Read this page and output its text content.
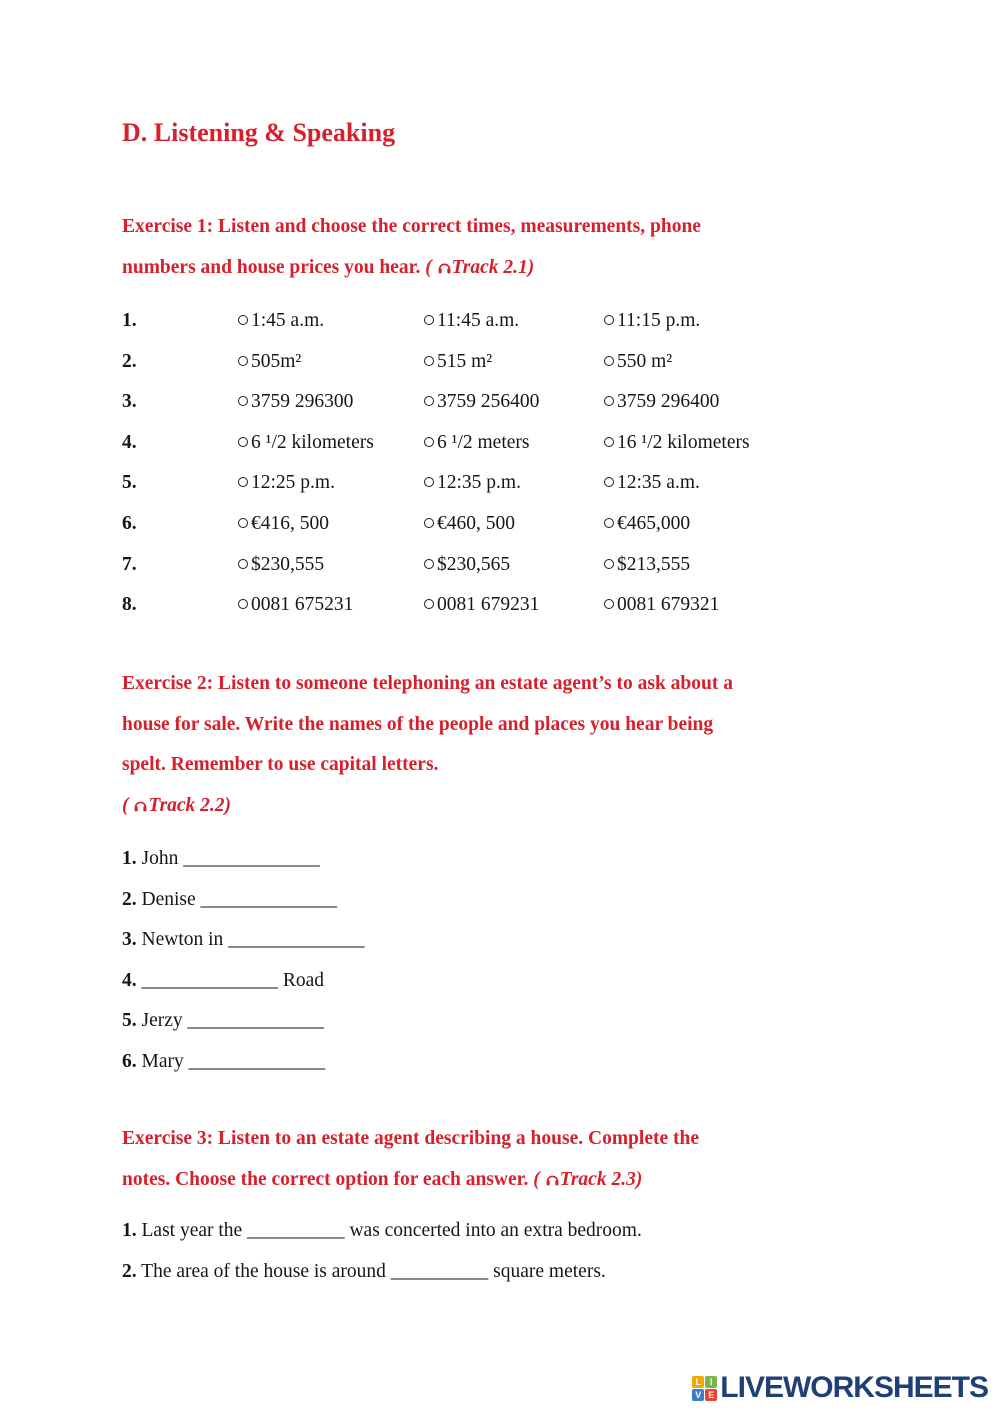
D. Listening & Speaking

Exercise 1: Listen and choose the correct times, measurements, phone
numbers and house prices you hear. ( Track 2.1)

1.	1:45 a.m.	11:45 a.m.	11:15 p.m.
2.	505m²	515 m²	550 m²
3.	3759 296300	3759 256400	3759 296400
4.	6 ¹/2 kilometers	6 ¹/2 meters	16 ¹/2 kilometers
5.	12:25 p.m.	12:35 p.m.	12:35 a.m.
6.	€416, 500	€460, 500	€465,000
7.	$230,555	$230,565	$213,555
8.	0081 675231	0081 679231	0081 679321

Exercise 2: Listen to someone telephoning an estate agent’s to ask about a
house for sale. Write the names of the people and places you hear being
spelt. Remember to use capital letters.
( Track 2.2)

1. John ______________
2. Denise ______________
3. Newton in ______________
4. ______________ Road
5. Jerzy ______________
6. Mary ______________

Exercise 3: Listen to an estate agent describing a house. Complete the
notes. Choose the correct option for each answer. ( Track 2.3)

1. Last year the __________ was concerted into an extra bedroom.
2. The area of the house is around __________ square meters.
L I
V E LIVEWORKSHEETS
